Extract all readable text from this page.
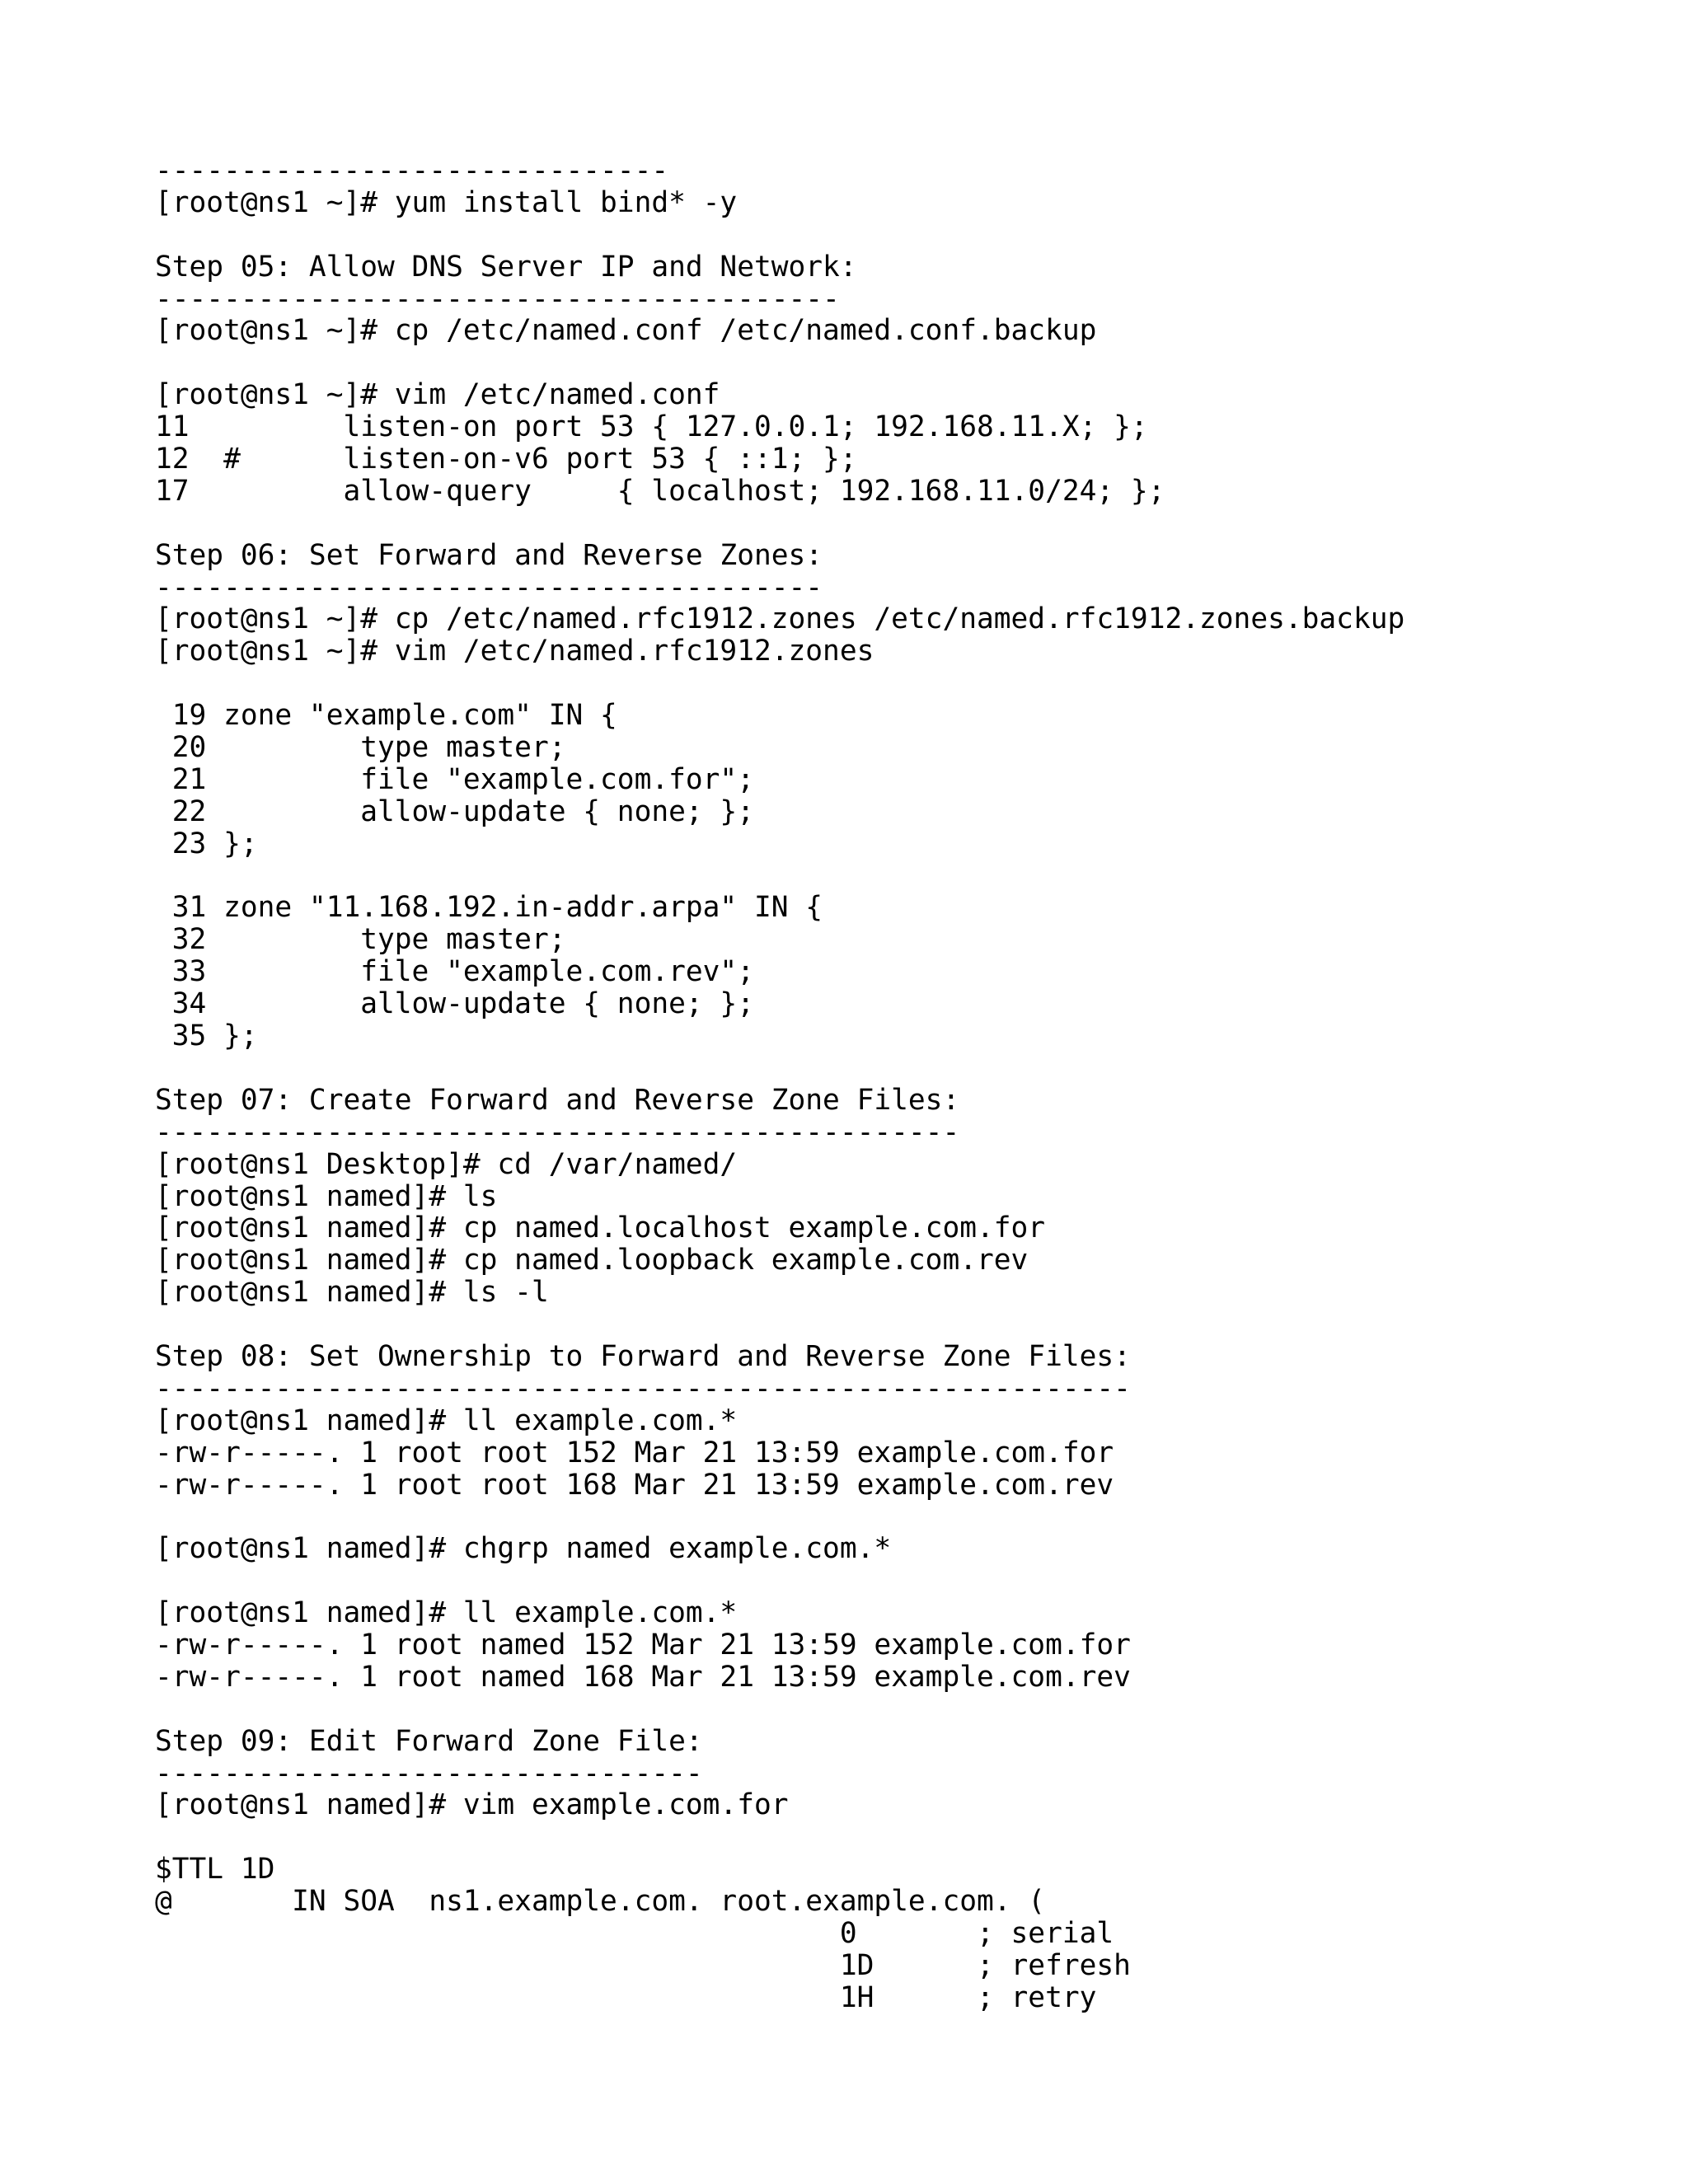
------------------------------
[root@ns1 ~]# yum install bind* -y
Step 05: Allow DNS Server IP and Network:
----------------------------------------
[root@ns1 ~]# cp /etc/named.conf /etc/named.conf.backup
[root@ns1 ~]# vim /etc/named.conf
11         listen-on port 53 { 127.0.0.1; 192.168.11.X; };
12  #      listen-on-v6 port 53 { ::1; };
17         allow-query     { localhost; 192.168.11.0/24; };
Step 06: Set Forward and Reverse Zones:
---------------------------------------
[root@ns1 ~]# cp /etc/named.rfc1912.zones /etc/named.rfc1912.zones.backup
[root@ns1 ~]# vim /etc/named.rfc1912.zones
19 zone "example.com" IN {
20         type master;
21         file "example.com.for";
22         allow-update { none; };
23 };
31 zone "11.168.192.in-addr.arpa" IN {
32         type master;
33         file "example.com.rev";
34         allow-update { none; };
35 };
Step 07: Create Forward and Reverse Zone Files:
-----------------------------------------------
[root@ns1 Desktop]# cd /var/named/
[root@ns1 named]# ls
[root@ns1 named]# cp named.localhost example.com.for
[root@ns1 named]# cp named.loopback example.com.rev
[root@ns1 named]# ls -l
Step 08: Set Ownership to Forward and Reverse Zone Files:
---------------------------------------------------------
[root@ns1 named]# ll example.com.*
-rw-r-----. 1 root root 152 Mar 21 13:59 example.com.for
-rw-r-----. 1 root root 168 Mar 21 13:59 example.com.rev
[root@ns1 named]# chgrp named example.com.*
[root@ns1 named]# ll example.com.*
-rw-r-----. 1 root named 152 Mar 21 13:59 example.com.for
-rw-r-----. 1 root named 168 Mar 21 13:59 example.com.rev
Step 09: Edit Forward Zone File:
--------------------------------
[root@ns1 named]# vim example.com.for
$TTL 1D
@       IN SOA  ns1.example.com. root.example.com. (
0       ; serial
1D      ; refresh
1H      ; retry
